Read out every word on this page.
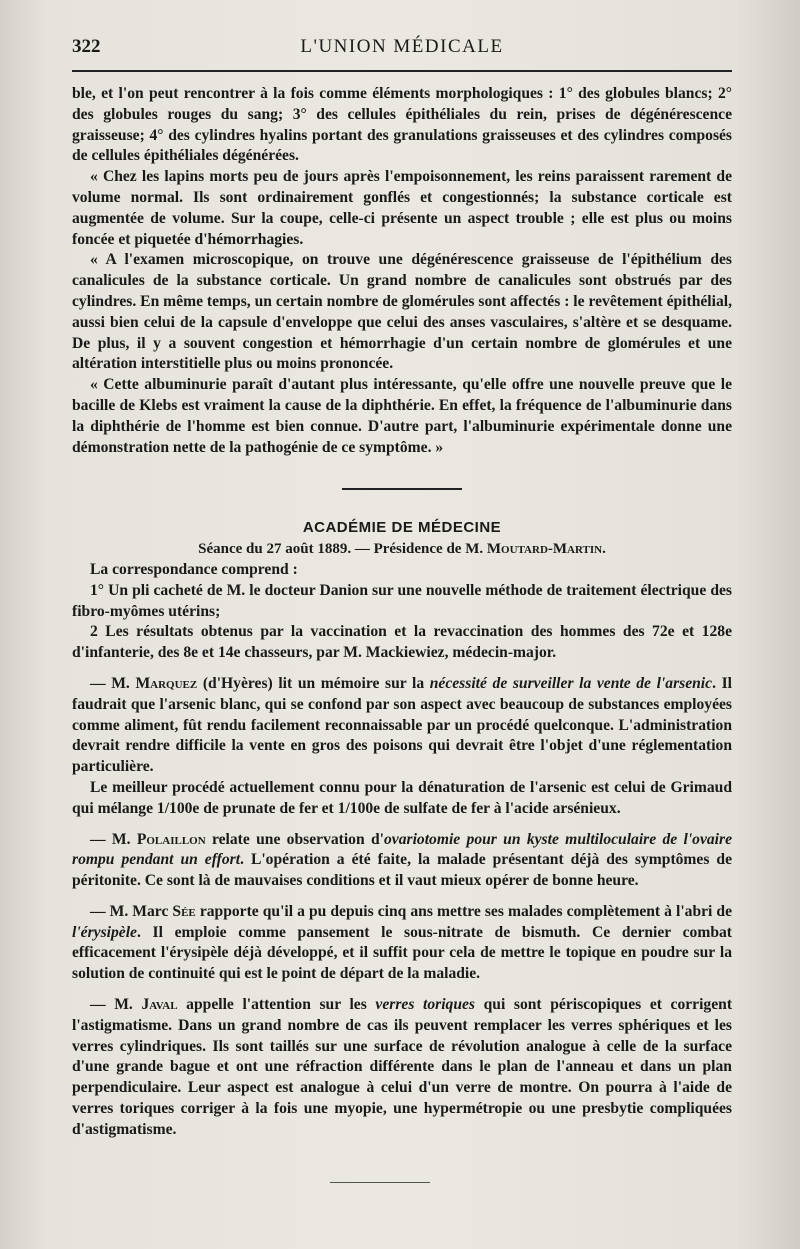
322	L'UNION MÉDICALE

ble, et l'on peut rencontrer à la fois comme éléments morphologiques : 1° des globules blancs; 2° des globules rouges du sang; 3° des cellules épithéliales du rein, prises de dégénérescence graisseuse; 4° des cylindres hyalins portant des granulations graisseuses et des cylindres composés de cellules épithéliales dégénérées.

« Chez les lapins morts peu de jours après l'empoisonnement, les reins paraissent rarement de volume normal. Ils sont ordinairement gonflés et congestionnés; la substance corticale est augmentée de volume. Sur la coupe, celle-ci présente un aspect trouble ; elle est plus ou moins foncée et piquetée d'hémorrhagies.

« A l'examen microscopique, on trouve une dégénérescence graisseuse de l'épithélium des canalicules de la substance corticale. Un grand nombre de canalicules sont obstrués par des cylindres. En même temps, un certain nombre de glomérules sont affectés : le revêtement épithélial, aussi bien celui de la capsule d'enveloppe que celui des anses vasculaires, s'altère et se desquame. De plus, il y a souvent congestion et hémorrhagie d'un certain nombre de glomérules et une altération interstitielle plus ou moins prononcée.

« Cette albuminurie paraît d'autant plus intéressante, qu'elle offre une nouvelle preuve que le bacille de Klebs est vraiment la cause de la diphthérie. En effet, la fréquence de l'albuminurie dans la diphthérie de l'homme est bien connue. D'autre part, l'albuminurie expérimentale donne une démonstration nette de la pathogénie de ce symptôme. »

ACADÉMIE DE MÉDECINE

Séance du 27 août 1889. — Présidence de M. Moutard-Martin.

La correspondance comprend :

1° Un pli cacheté de M. le docteur Danion sur une nouvelle méthode de traitement électrique des fibro-myômes utérins;

2 Les résultats obtenus par la vaccination et la revaccination des hommes des 72e et 128e d'infanterie, des 8e et 14e chasseurs, par M. Mackiewiez, médecin-major.

— M. Marquez (d'Hyères) lit un mémoire sur la nécessité de surveiller la vente de l'arsenic. Il faudrait que l'arsenic blanc, qui se confond par son aspect avec beaucoup de substances employées comme aliment, fût rendu facilement reconnaissable par un procédé quelconque. L'administration devrait rendre difficile la vente en gros des poisons qui devrait être l'objet d'une réglementation particulière.

Le meilleur procédé actuellement connu pour la dénaturation de l'arsenic est celui de Grimaud qui mélange 1/100e de prunate de fer et 1/100e de sulfate de fer à l'acide arsénieux.

— M. Polaillon relate une observation d'ovariotomie pour un kyste multiloculaire de l'ovaire rompu pendant un effort. L'opération a été faite, la malade présentant déjà des symptômes de péritonite. Ce sont là de mauvaises conditions et il vaut mieux opérer de bonne heure.

— M. Marc Sée rapporte qu'il a pu depuis cinq ans mettre ses malades complètement à l'abri de l'érysipèle. Il emploie comme pansement le sous-nitrate de bismuth. Ce dernier combat efficacement l'érysipèle déjà développé, et il suffit pour cela de mettre le topique en poudre sur la solution de continuité qui est le point de départ de la maladie.

— M. Javal appelle l'attention sur les verres toriques qui sont périscopiques et corrigent l'astigmatisme. Dans un grand nombre de cas ils peuvent remplacer les verres sphériques et les verres cylindriques. Ils sont taillés sur une surface de révolution analogue à celle de la surface d'une grande bague et ont une réfraction différente dans le plan de l'anneau et dans un plan perpendiculaire. Leur aspect est analogue à celui d'un verre de montre. On pourra à l'aide de verres toriques corriger à la fois une myopie, une hypermétropie ou une presbytie compliquées d'astigmatisme.
